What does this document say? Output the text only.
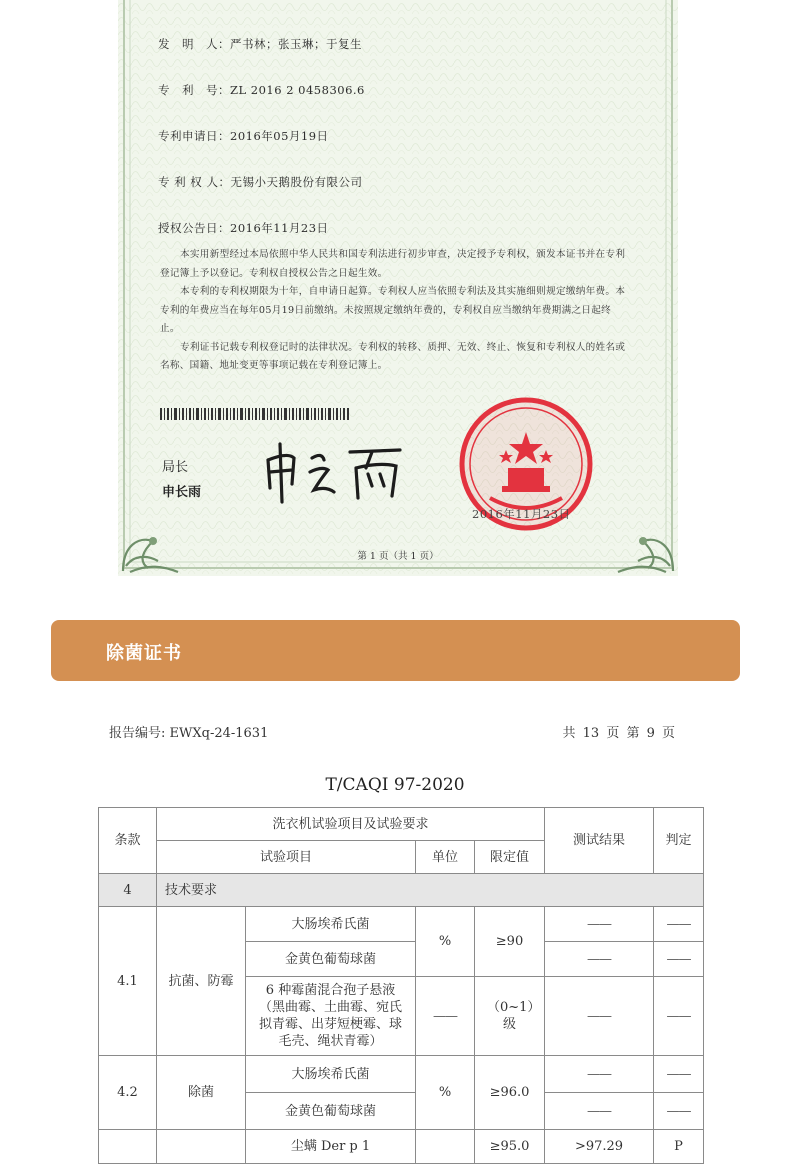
发　明　人：严书林；张玉琳；于复生
专　利　号：ZL 2016 2 0458306.6
专利申请日：2016年05月19日
专 利 权 人：无锡小天鹅股份有限公司
授权公告日：2016年11月23日

本实用新型经过本局依照中华人民共和国专利法进行初步审查，决定授予专利权，颁发本证书并在专利登记簿上予以登记。专利权自授权公告之日起生效。

本专利的专利权期限为十年，自申请日起算。专利权人应当依照专利法及其实施细则规定缴纳年费。本专利的年费应当在每年05月19日前缴纳。未按照规定缴纳年费的，专利权自应当缴纳年费期满之日起终止。

专利证书记载专利权登记时的法律状况。专利权的转移、质押、无效、终止、恢复和专利权人的姓名或名称、国籍、地址变更等事项记载在专利登记簿上。

局长
申长雨
2016年11月23日
第 1 页（共 1 页）
除菌证书
报告编号: EWXq-24-1631	共 13 页 第 9 页
T/CAQI 97-2020
条款	洗衣机试验项目及试验要求				测试结果	判定
	试验项目		单位	限定值		
4	技术要求					
4.1	抗菌、防霉	大肠埃希氏菌	%	≥90	——	——
		金黄色葡萄球菌			——	——
		6 种霉菌混合孢子悬液（黑曲霉、土曲霉、宛氏拟青霉、出芽短梗霉、球毛壳、绳状青霉）	——	（0~1）级	——	——
4.2	除菌	大肠埃希氏菌	%	≥96.0	——	——
		金黄色葡萄球菌			——	——
		尘螨 Der p 1		≥95.0	>97.29	P
